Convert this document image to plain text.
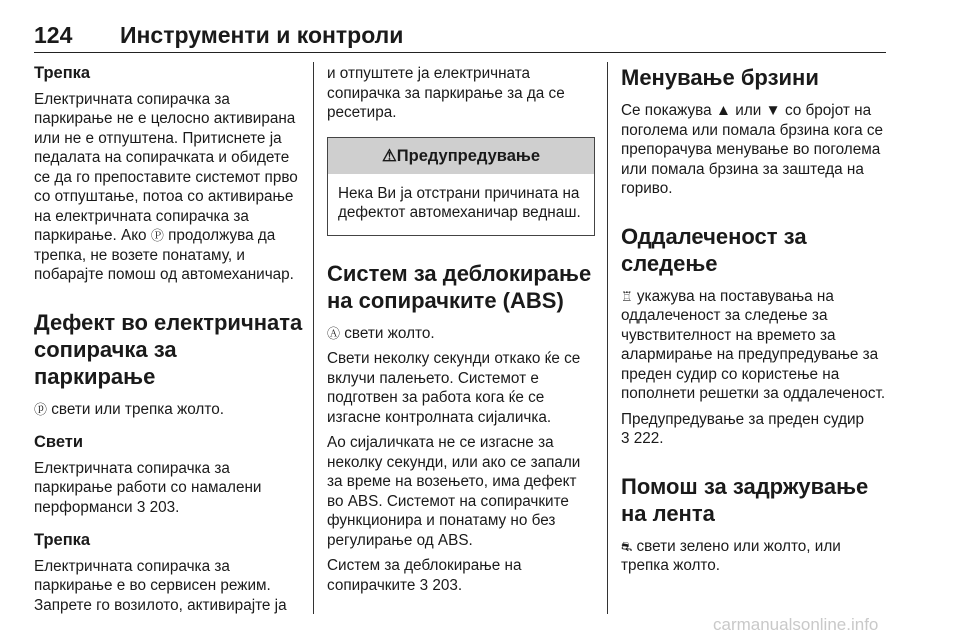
124 Инструменти и контроли
Трепка

Електричната сопирачка за паркирање не е целосно активирана или не е отпуштена. Притиснете ја педалата на сопирачката и обидете се да го препоставите системот прво со отпуштање, потоа со активирање на електричната сопирачка за паркирање. Ако Ⓟ продолжува да трепка, не возете понатаму, и побарајте помош од автомеханичар.

Дефект во електричната сопирачка за паркирање

ⓟ свети или трепка жолто.

Свети

Електричната сопирачка за паркирање работи со намалени перформанси 3 203.

Трепка

Електричната сопирачка за паркирање е во сервисен режим. Запрете го возилото, активирајте ја

и отпуштете ја електричната сопирачка за паркирање за да се ресетира.

⚠Предупредување
Нека Ви ја отстрани причината на дефектот автомеханичар веднаш.
Систем за деблокирање на сопирачките (ABS)

Ⓐ свети жолто.

Свети неколку секунди откако ќе се вклучи палењето. Системот е подготвен за работа кога ќе се изгасне контролната сијаличка.

Ао сијаличката не се изгасне за неколку секунди, или ако се запали за време на возењето, има дефект во ABS. Системот на сопирачките функционира и понатаму но без регулирање од ABS.

Систем за деблокирање на сопирачките 3 203.

Менување брзини

Се покажува ▲ или ▼ со бројот на поголема или помала брзина кога се препорачува менување во поголема или помала брзина за заштеда на гориво.

Оддалеченост за следење

♖ укажува на поставувања на оддалеченост за следење за чувствителност на времето за алармирање на предупредување за преден судир со користење на пополнети решетки за оддалеченост.

Предупредување за преден судир
3 222.

Помош за задржување на лента

⛐ свети зелено или жолто, или трепка жолто.

carmanualsonline.info
